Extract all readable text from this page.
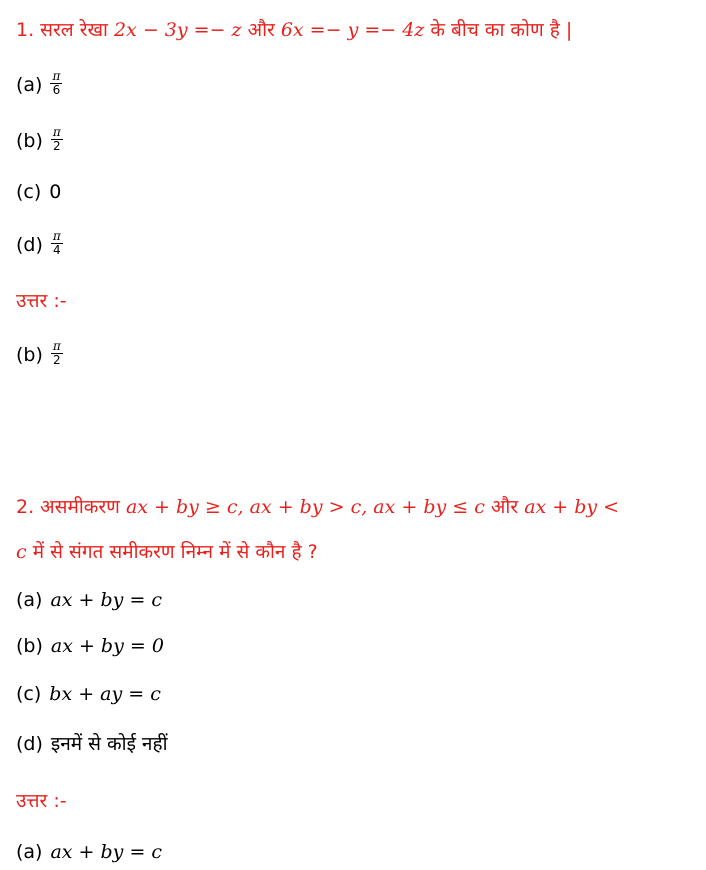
1. सरल रेखा 2x − 3y =− z और 6x =− y =− 4z के बीच का कोण है |
$(a) \frac{\pi}{6}$
$(b) \frac{\pi}{2}$
(c) 0
$(d) \frac{\pi}{4}$
उत्तर :-
$(b) \frac{\pi}{2}$
2. असमीकरण ax + by ≥ c, ax + by > c, ax + by ≤ c और ax + by <
c में से संगत समीकरण निम्न में से कौन है ?
(a) ax + by = c
(b) ax + by = 0
(c) bx + ay = c
(d) इनमें से कोई नहीं
उत्तर :-
(a) ax + by = c
